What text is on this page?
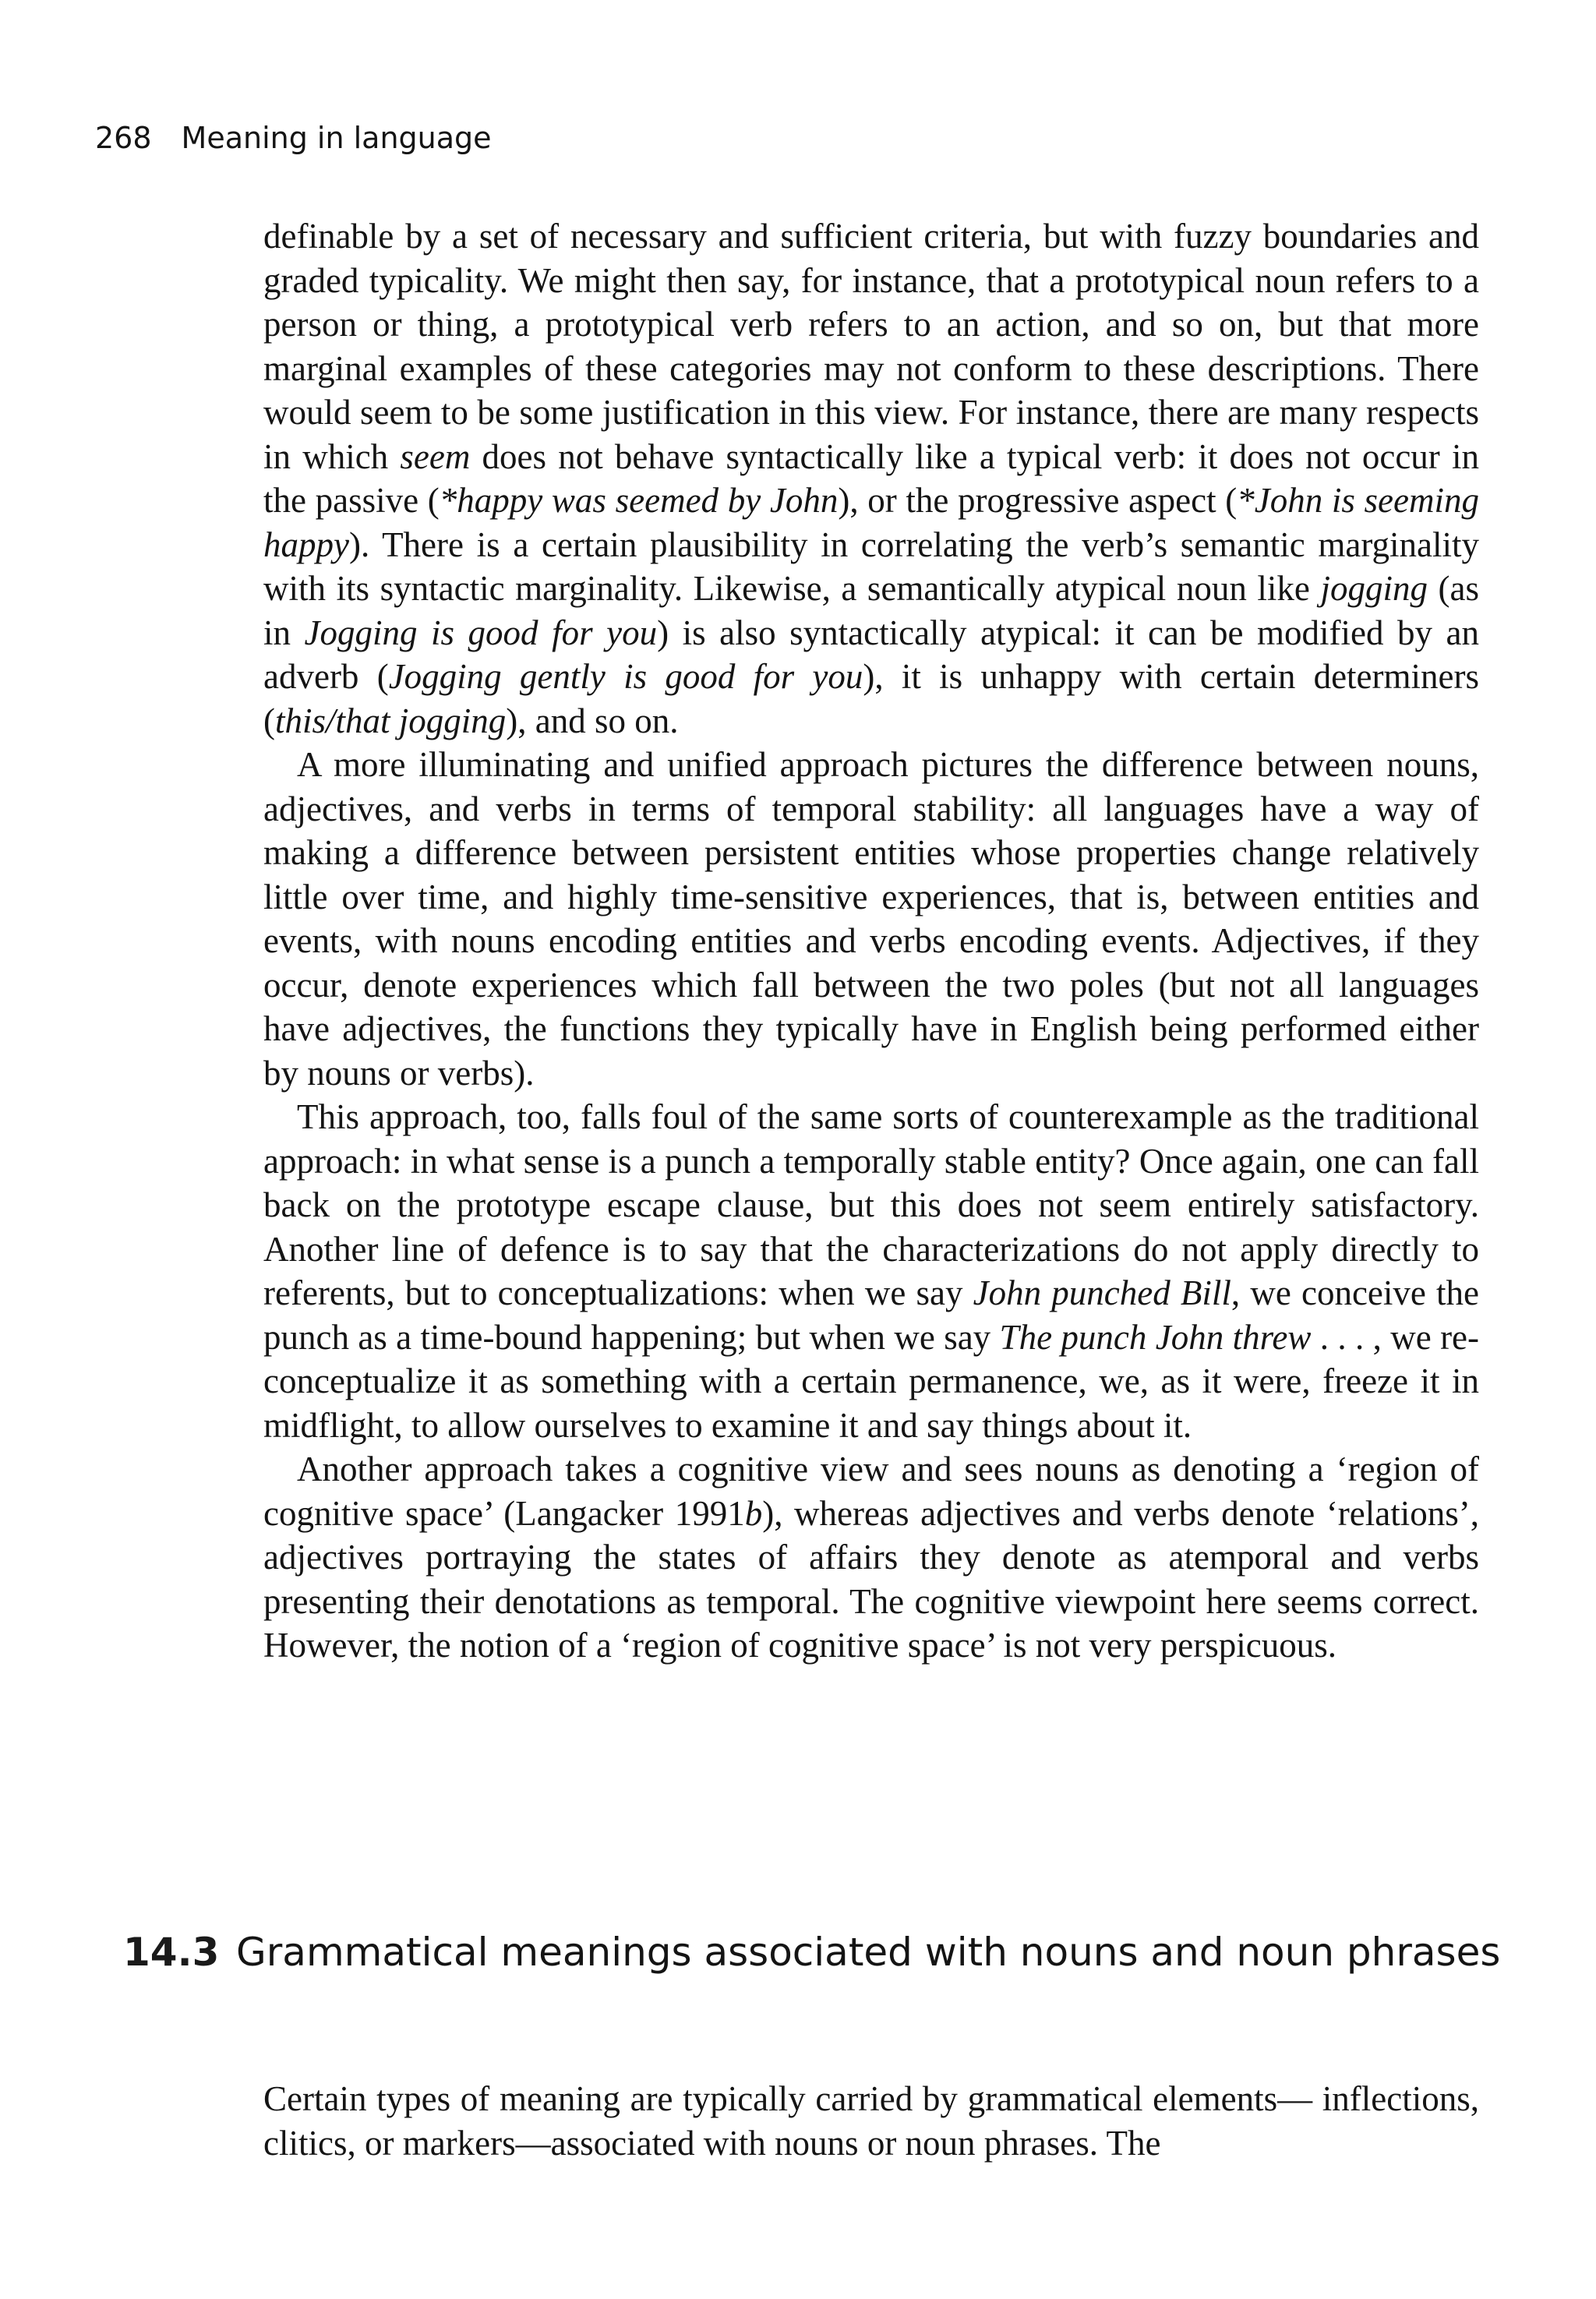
268 Meaning in language

definable by a set of necessary and sufficient criteria, but with fuzzy boundaries and graded typicality. We might then say, for instance, that a prototypical noun refers to a person or thing, a prototypical verb refers to an action, and so on, but that more marginal examples of these categories may not conform to these descriptions. There would seem to be some justification in this view. For instance, there are many respects in which seem does not behave syntactically like a typical verb: it does not occur in the passive (*happy was seemed by John), or the progressive aspect (*John is seeming happy). There is a certain plausibility in correlating the verb’s semantic marginality with its syntactic marginality. Likewise, a semantically atypical noun like jogging (as in Jogging is good for you) is also syntactically atypical: it can be modified by an adverb (Jogging gently is good for you), it is unhappy with certain determiners (this/that jogging), and so on.

A more illuminating and unified approach pictures the difference between nouns, adjectives, and verbs in terms of temporal stability: all languages have a way of making a difference between persistent entities whose properties change relatively little over time, and highly time-sensitive experiences, that is, between entities and events, with nouns encoding entities and verbs encoding events. Adjectives, if they occur, denote experiences which fall between the two poles (but not all languages have adjectives, the functions they typically have in English being performed either by nouns or verbs).

This approach, too, falls foul of the same sorts of counterexample as the traditional approach: in what sense is a punch a temporally stable entity? Once again, one can fall back on the prototype escape clause, but this does not seem entirely satisfactory. Another line of defence is to say that the characterizations do not apply directly to referents, but to conceptualizations: when we say John punched Bill, we conceive the punch as a time-bound happening; but when we say The punch John threw . . . , we re-conceptualize it as something with a certain permanence, we, as it were, freeze it in midflight, to allow ourselves to examine it and say things about it.

Another approach takes a cognitive view and sees nouns as denoting a ‘region of cognitive space’ (Langacker 1991b), whereas adjectives and verbs denote ‘relations’, adjectives portraying the states of affairs they denote as atemporal and verbs presenting their denotations as temporal. The cognitive viewpoint here seems correct. However, the notion of a ‘region of cognitive space’ is not very perspicuous.

14.3 Grammatical meanings associated with nouns and noun phrases

Certain types of meaning are typically carried by grammatical elements— inflections, clitics, or markers—associated with nouns or noun phrases. The
